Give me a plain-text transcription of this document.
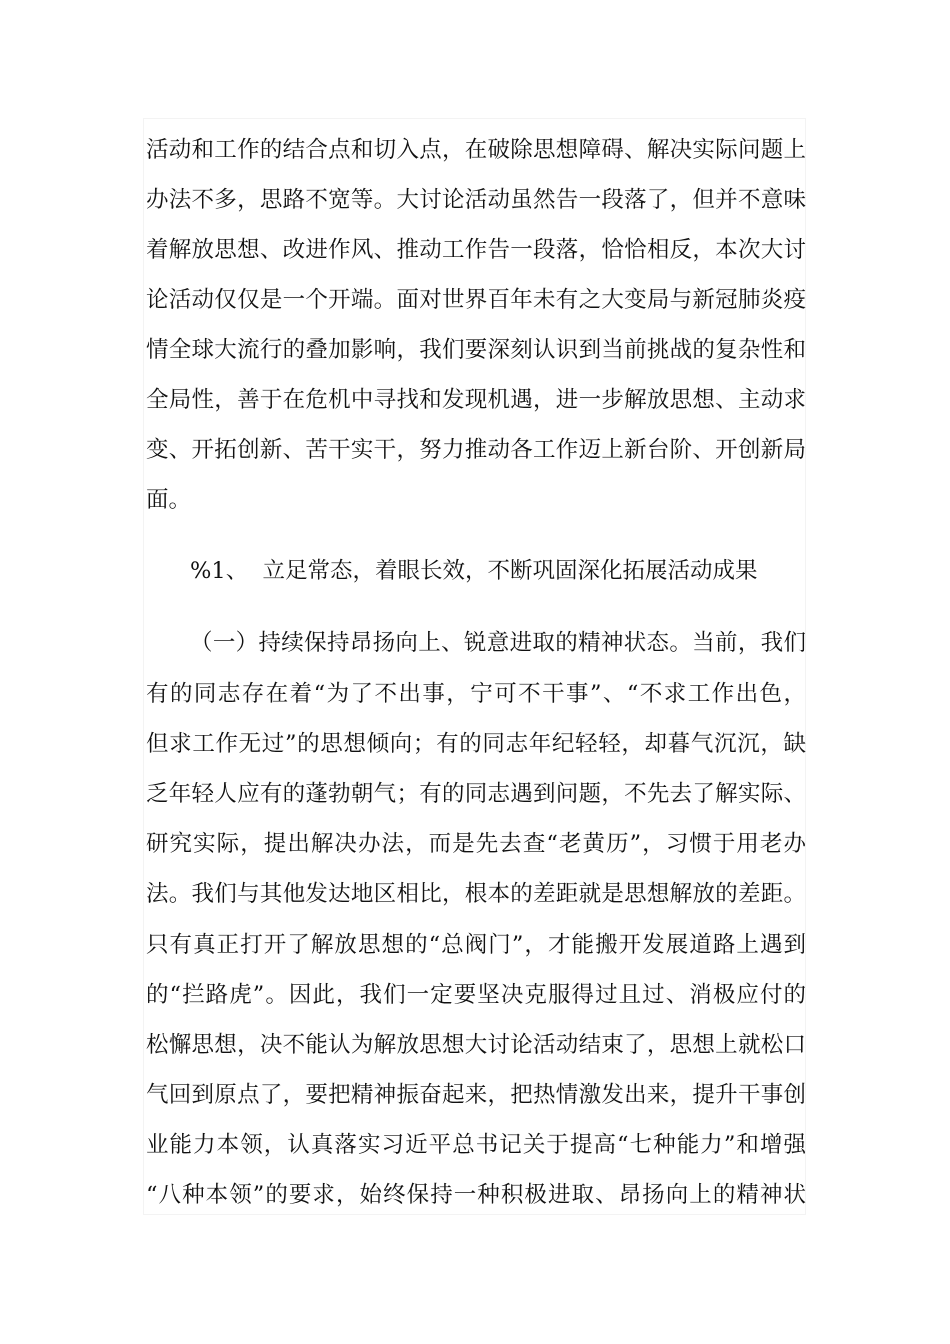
活动和工作的结合点和切入点，在破除思想障碍、解决实际问题上
办法不多，思路不宽等。大讨论活动虽然告一段落了，但并不意味
着解放思想、改进作风、推动工作告一段落，恰恰相反，本次大讨
论活动仅仅是一个开端。面对世界百年未有之大变局与新冠肺炎疫
情全球大流行的叠加影响，我们要深刻认识到当前挑战的复杂性和
全局性，善于在危机中寻找和发现机遇，进一步解放思想、主动求
变、开拓创新、苦干实干，努力推动各工作迈上新台阶、开创新局
面。
%1、  立足常态，着眼长效，不断巩固深化拓展活动成果
（一）持续保持昂扬向上、锐意进取的精神状态。当前，我们
有的同志存在着“为了不出事，宁可不干事”、“不求工作出色，
但求工作无过”的思想倾向；有的同志年纪轻轻，却暮气沉沉，缺
乏年轻人应有的蓬勃朝气；有的同志遇到问题，不先去了解实际、
研究实际，提出解决办法，而是先去查“老黄历”，习惯于用老办
法。我们与其他发达地区相比，根本的差距就是思想解放的差距。
只有真正打开了解放思想的“总阀门”，才能搬开发展道路上遇到
的“拦路虎”。因此，我们一定要坚决克服得过且过、消极应付的
松懈思想，决不能认为解放思想大讨论活动结束了，思想上就松口
气回到原点了，要把精神振奋起来，把热情激发出来，提升干事创
业能力本领，认真落实习近平总书记关于提高“七种能力”和增强
“八种本领”的要求，始终保持一种积极进取、昂扬向上的精神状
